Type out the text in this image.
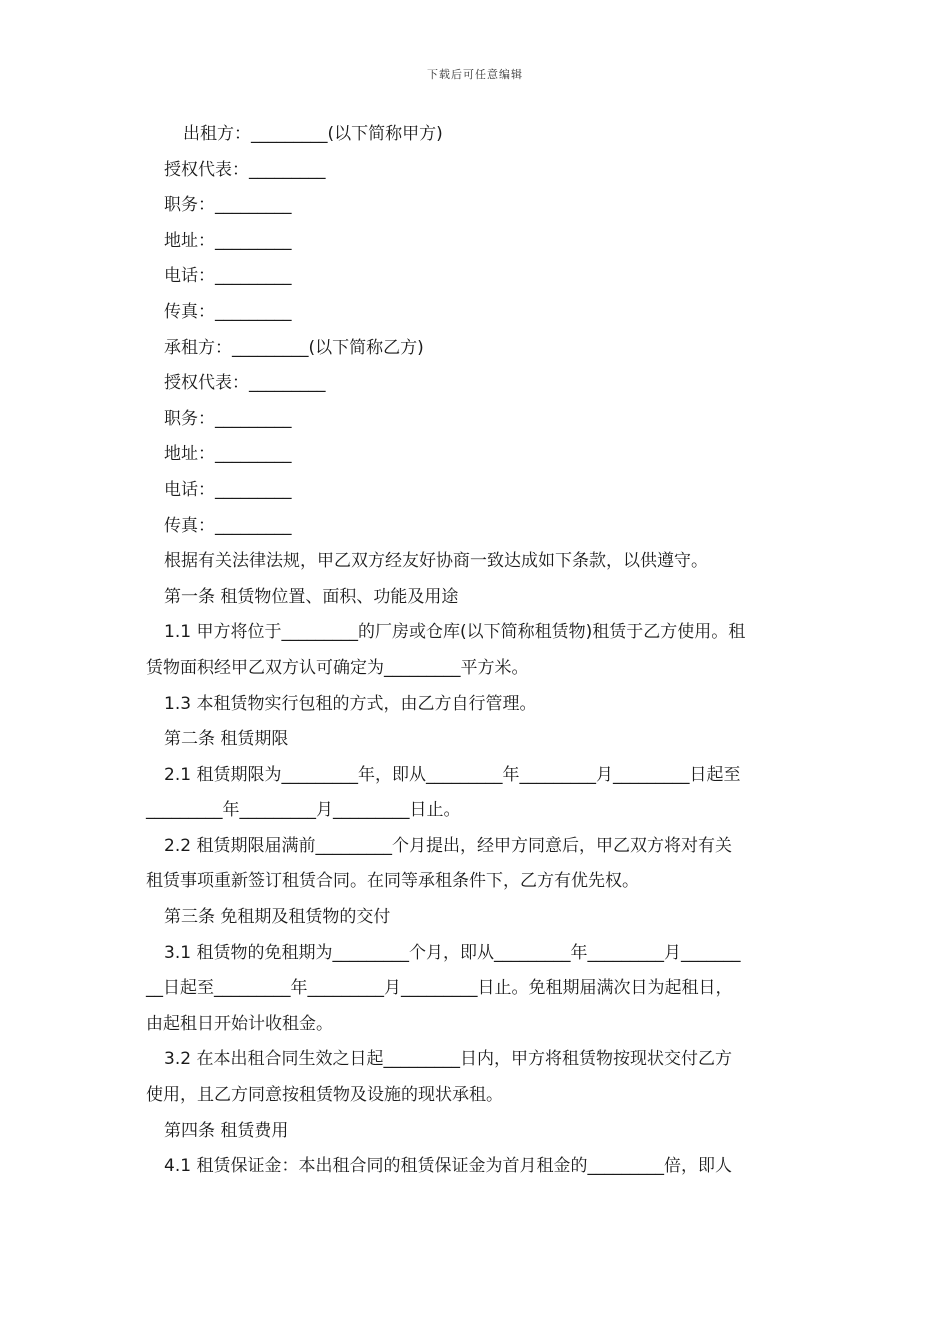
下载后可任意编辑

出租方：_________(以下简称甲方)

授权代表：_________

职务：_________

地址：_________

电话：_________

传真：_________

承租方：_________(以下简称乙方)

授权代表：_________

职务：_________

地址：_________

电话：_________

传真：_________

根据有关法律法规，甲乙双方经友好协商一致达成如下条款，以供遵守。

第一条 租赁物位置、面积、功能及用途

1.1 甲方将位于_________的厂房或仓库(以下简称租赁物)租赁于乙方使用。租

赁物面积经甲乙双方认可确定为_________平方米。

1.3 本租赁物实行包租的方式，由乙方自行管理。

第二条 租赁期限

2.1 租赁期限为_________年，即从_________年_________月_________日起至

_________年_________月_________日止。

2.2 租赁期限届满前_________个月提出，经甲方同意后，甲乙双方将对有关

租赁事项重新签订租赁合同。在同等承租条件下，乙方有优先权。

第三条 免租期及租赁物的交付

3.1 租赁物的免租期为_________个月，即从_________年_________月_______

__日起至_________年_________月_________日止。免租期届满次日为起租日，

由起租日开始计收租金。

3.2 在本出租合同生效之日起_________日内，甲方将租赁物按现状交付乙方

使用，且乙方同意按租赁物及设施的现状承租。

第四条 租赁费用

4.1 租赁保证金：本出租合同的租赁保证金为首月租金的_________倍，即人
